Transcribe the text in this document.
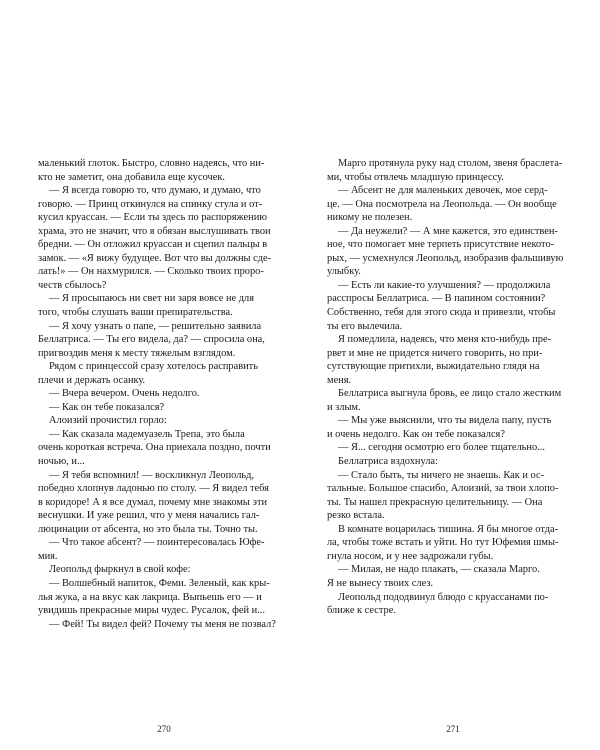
маленький глоток. Быстро, словно надеясь, что ни-
кто не заметит, она добавила еще кусочек.
— Я всегда говорю то, что думаю, и думаю, что
говорю. — Принц откинулся на спинку стула и от-
кусил круассан. — Если ты здесь по распоряжению
храма, это не значит, что я обязан выслушивать твои
бредни. — Он отложил круассан и сцепил пальцы в
замок. — «Я вижу будущее. Вот что вы должны сде-
лать!» — Он нахмурился. — Сколько твоих проро-
честв сбылось?
— Я просыпаюсь ни свет ни заря вовсе не для
того, чтобы слушать ваши препирательства.
— Я хочу узнать о папе, — решительно заявила
Беллатриса. — Ты его видела, да? — спросила она,
пригвоздив меня к месту тяжелым взглядом.
Рядом с принцессой сразу хотелось расправить
плечи и держать осанку.
— Вчера вечером. Очень недолго.
— Как он тебе показался?
Алоизий прочистил горло:
— Как сказала мадемуазель Трепа, это была
очень короткая встреча. Она приехала поздно, почти
ночью, и...
— Я тебя вспомнил! — воскликнул Леопольд,
победно хлопнув ладонью по столу. — Я видел тебя
в коридоре! А я все думал, почему мне знакомы эти
веснушки. И уже решил, что у меня начались гал-
люцинации от абсента, но это была ты. Точно ты.
— Что такое абсент? — поинтересовалась Юфе-
мия.
Леопольд фыркнул в свой кофе:
— Волшебный напиток, Феми. Зеленый, как кры-
лья жука, а на вкус как лакрица. Выпьешь его — и
увидишь прекрасные миры чудес. Русалок, фей и...
— Фей! Ты видел фей? Почему ты меня не позвал?
270
Марго протянула руку над столом, звеня браслета-
ми, чтобы отвлечь младшую принцессу.
— Абсент не для маленьких девочек, мое серд-
це. — Она посмотрела на Леопольда. — Он вообще
никому не полезен.
— Да неужели? — А мне кажется, это единствен-
ное, что помогает мне терпеть присутствие некото-
рых, — усмехнулся Леопольд, изобразив фальшивую
улыбку.
— Есть ли какие-то улучшения? — продолжила
расспросы Беллатриса. — В папином состоянии?
Собственно, тебя для этого сюда и привезли, чтобы
ты его вылечила.
Я помедлила, надеясь, что меня кто-нибудь пре-
рвет и мне не придется ничего говорить, но при-
сутствующие притихли, выжидательно глядя на
меня.
Беллатриса выгнула бровь, ее лицо стало жестким
и злым.
— Мы уже выяснили, что ты видела папу, пусть
и очень недолго. Как он тебе показался?
— Я... сегодня осмотрю его более тщательно...
Беллатриса вздохнула:
— Стало быть, ты ничего не знаешь. Как и ос-
тальные. Большое спасибо, Алоизий, за твои хлопо-
ты. Ты нашел прекрасную целительницу. — Она
резко встала.
В комнате воцарилась тишина. Я бы многое отда-
ла, чтобы тоже встать и уйти. Но тут Юфемия шмы-
гнула носом, и у нее задрожали губы.
— Милая, не надо плакать, — сказала Марго.
Я не вынесу твоих слез.
Леопольд пододвинул блюдо с круассанами по-
ближе к сестре.
271
